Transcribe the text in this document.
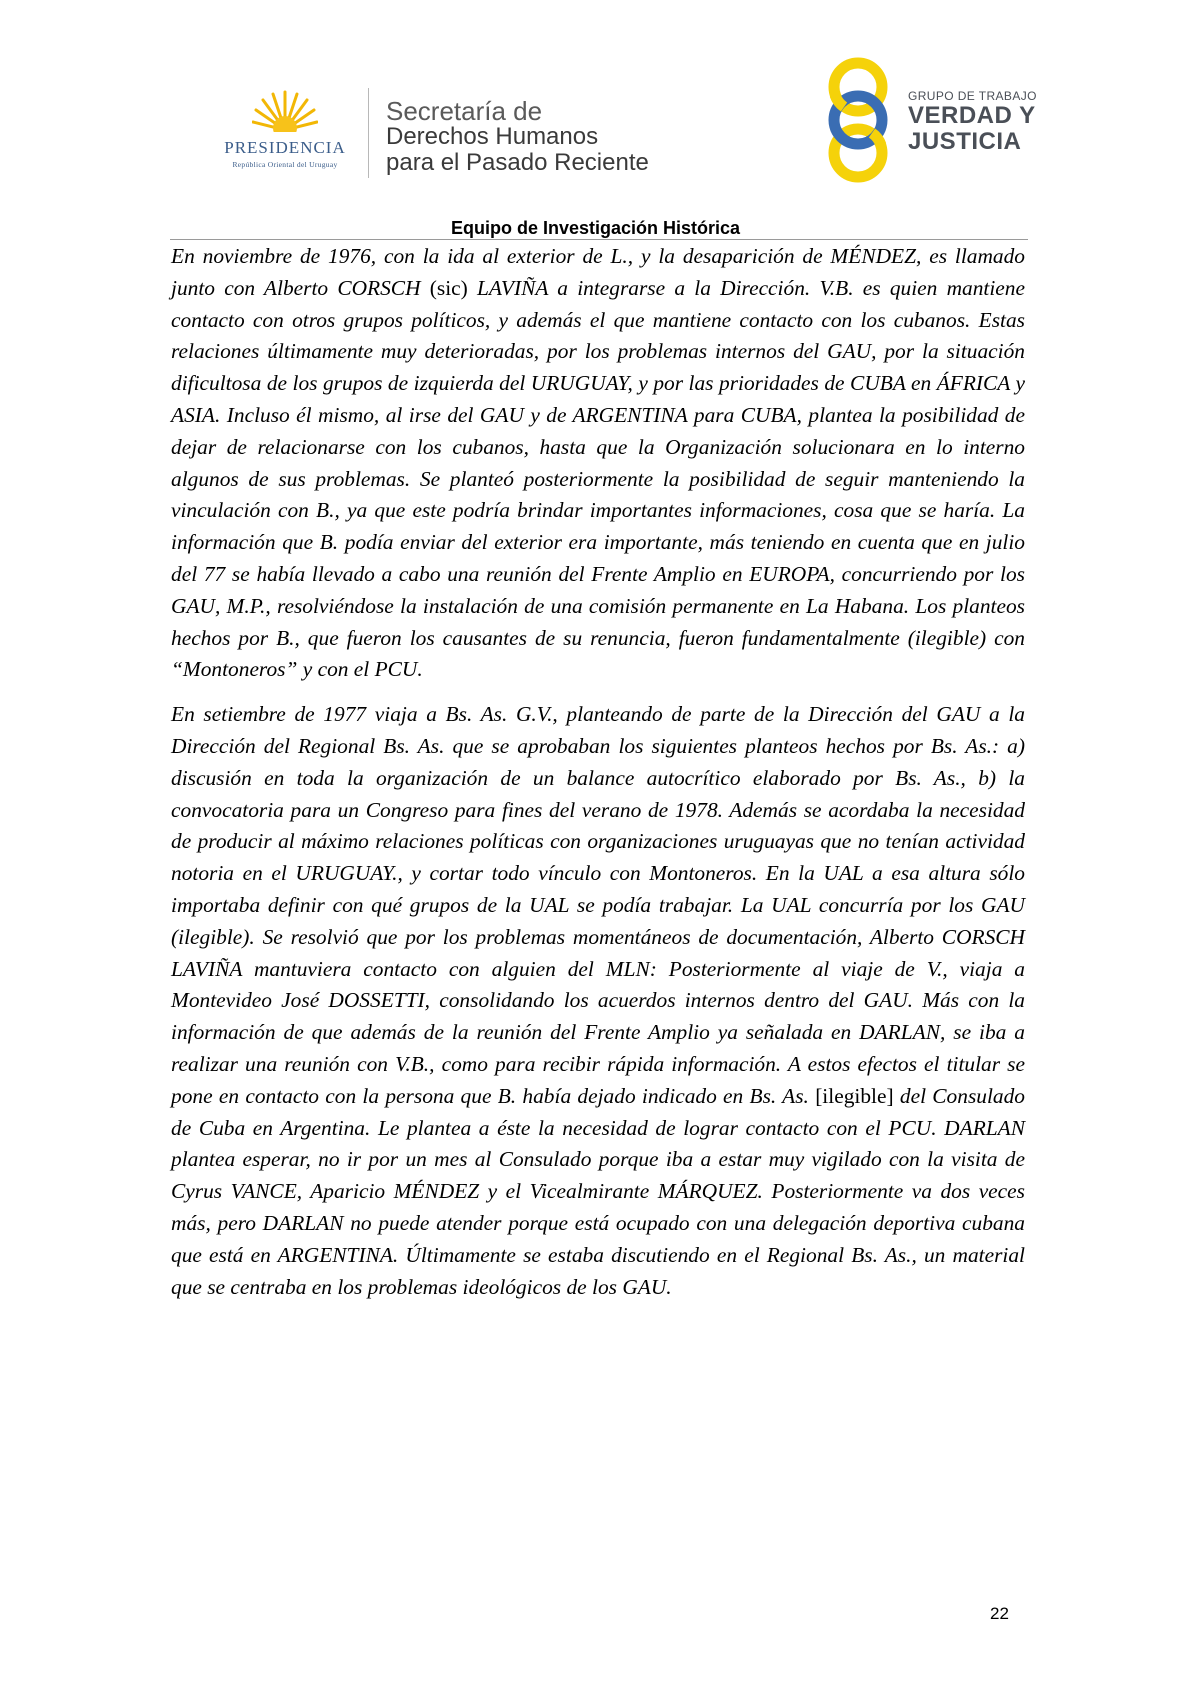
PRESIDENCIA
República Oriental del Uruguay
Secretaría de
Derechos Humanos
para el Pasado Reciente
GRUPO DE TRABAJO
VERDAD Y
JUSTICIA
Equipo de Investigación Histórica

En noviembre de 1976, con la ida al exterior de L., y la desaparición de MÉNDEZ, es llamado junto con Alberto CORSCH (sic) LAVIÑA a integrarse a la Dirección. V.B. es quien mantiene contacto con otros grupos políticos, y además el que mantiene contacto con los cubanos. Estas relaciones últimamente muy deterioradas, por los problemas internos del GAU, por la situación dificultosa de los grupos de izquierda del URUGUAY, y por las prioridades de CUBA en ÁFRICA y ASIA. Incluso él mismo, al irse del GAU y de ARGENTINA para CUBA, plantea la posibilidad de dejar de relacionarse con los cubanos, hasta que la Organización solucionara en lo interno algunos de sus problemas. Se planteó posteriormente la posibilidad de seguir manteniendo la vinculación con B., ya que este podría brindar importantes informaciones, cosa que se haría. La información que B. podía enviar del exterior era importante, más teniendo en cuenta que en julio del 77 se había llevado a cabo una reunión del Frente Amplio en EUROPA, concurriendo por los GAU, M.P., resolviéndose la instalación de una comisión permanente en La Habana. Los planteos hechos por B., que fueron los causantes de su renuncia, fueron fundamentalmente (ilegible) con “Montoneros” y con el PCU.

En setiembre de 1977 viaja a Bs. As. G.V., planteando de parte de la Dirección del GAU a la Dirección del Regional Bs. As. que se aprobaban los siguientes planteos hechos por Bs. As.: a) discusión en toda la organización de un balance autocrítico elaborado por Bs. As., b) la convocatoria para un Congreso para fines del verano de 1978. Además se acordaba la necesidad de producir al máximo relaciones políticas con organizaciones uruguayas que no tenían actividad notoria en el URUGUAY., y cortar todo vínculo con Montoneros. En la UAL a esa altura sólo importaba definir con qué grupos de la UAL se podía trabajar. La UAL concurría por los GAU (ilegible). Se resolvió que por los problemas momentáneos de documentación, Alberto CORSCH LAVIÑA mantuviera contacto con alguien del MLN: Posteriormente al viaje de V., viaja a Montevideo José DOSSETTI, consolidando los acuerdos internos dentro del GAU. Más con la información de que además de la reunión del Frente Amplio ya señalada en DARLAN, se iba a realizar una reunión con V.B., como para recibir rápida información. A estos efectos el titular se pone en contacto con la persona que B. había dejado indicado en Bs. As. [ilegible] del Consulado de Cuba en Argentina. Le plantea a éste la necesidad de lograr contacto con el PCU. DARLAN plantea esperar, no ir por un mes al Consulado porque iba a estar muy vigilado con la visita de Cyrus VANCE, Aparicio MÉNDEZ y el Vicealmirante MÁRQUEZ. Posteriormente va dos veces más, pero DARLAN no puede atender porque está ocupado con una delegación deportiva cubana que está en ARGENTINA. Últimamente se estaba discutiendo en el Regional Bs. As., un material que se centraba en los problemas ideológicos de los GAU.

22
